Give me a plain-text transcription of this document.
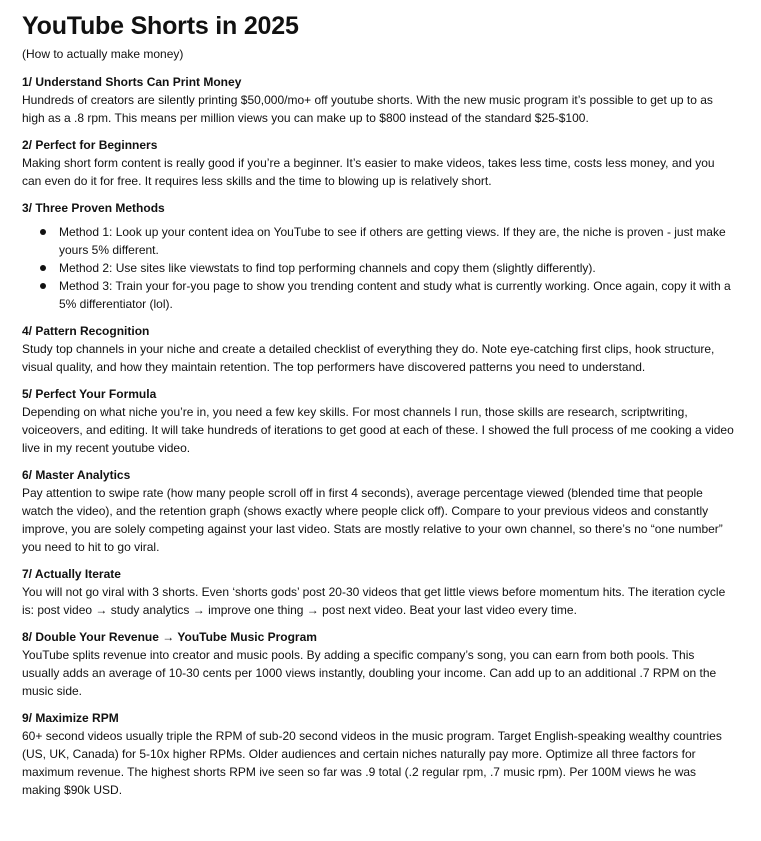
YouTube Shorts in 2025

(How to actually make money)

1/ Understand Shorts Can Print Money

Hundreds of creators are silently printing $50,000/mo+ off youtube shorts. With the new music program it’s possible to get up to as high as a .8 rpm. This means per million views you can make up to $800 instead of the standard $25-$100.

2/ Perfect for Beginners

Making short form content is really good if you’re a beginner. It’s easier to make videos, takes less time, costs less money, and you can even do it for free. It requires less skills and the time to blowing up is relatively short.

3/ Three Proven Methods

Method 1: Look up your content idea on YouTube to see if others are getting views. If they are, the niche is proven - just make yours 5% different.
Method 2: Use sites like viewstats to find top performing channels and copy them (slightly differently).
Method 3: Train your for-you page to show you trending content and study what is currently working. Once again, copy it with a 5% differentiator (lol).

4/ Pattern Recognition

Study top channels in your niche and create a detailed checklist of everything they do. Note eye-catching first clips, hook structure, visual quality, and how they maintain retention. The top performers have discovered patterns you need to understand.

5/ Perfect Your Formula

Depending on what niche you’re in, you need a few key skills. For most channels I run, those skills are research, scriptwriting, voiceovers, and editing. It will take hundreds of iterations to get good at each of these. I showed the full process of me cooking a video live in my recent youtube video.

6/ Master Analytics

Pay attention to swipe rate (how many people scroll off in first 4 seconds), average percentage viewed (blended time that people watch the video), and the retention graph (shows exactly where people click off). Compare to your previous videos and constantly improve, you are solely competing against your last video. Stats are mostly relative to your own channel, so there’s no “one number” you need to hit to go viral.

7/ Actually Iterate

You will not go viral with 3 shorts. Even ‘shorts gods’ post 20-30 videos that get little views before momentum hits. The iteration cycle is: post video → study analytics → improve one thing → post next video. Beat your last video every time.

8/ Double Your Revenue → YouTube Music Program

YouTube splits revenue into creator and music pools. By adding a specific company’s song, you can earn from both pools. This usually adds an average of 10-30 cents per 1000 views instantly, doubling your income. Can add up to an additional .7 RPM on the music side.

9/ Maximize RPM

60+ second videos usually triple the RPM of sub-20 second videos in the music program. Target English-speaking wealthy countries (US, UK, Canada) for 5-10x higher RPMs. Older audiences and certain niches naturally pay more. Optimize all three factors for maximum revenue. The highest shorts RPM ive seen so far was .9 total (.2 regular rpm, .7 music rpm). Per 100M views he was making $90k USD.
